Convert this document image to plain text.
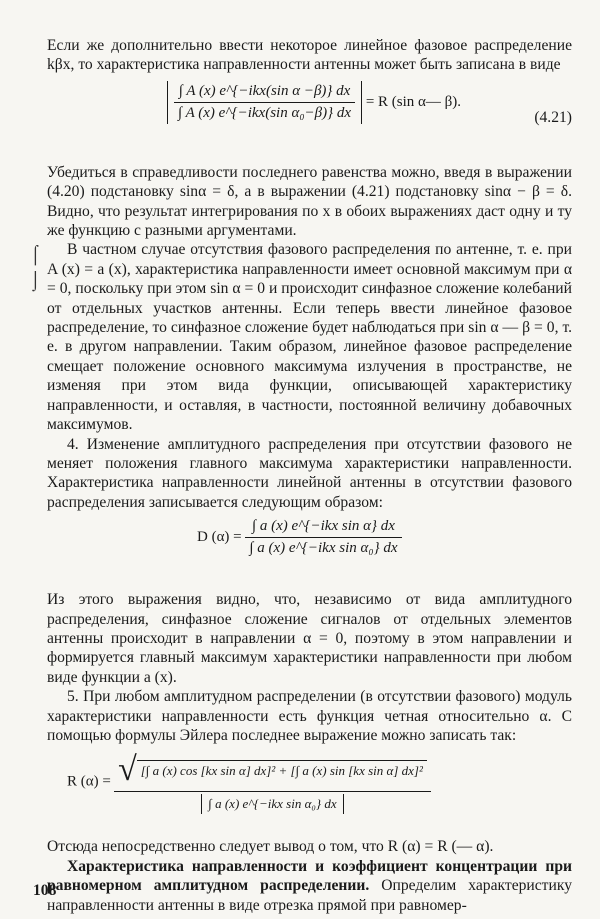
Если же дополнительно ввести некоторое линейное фазовое распределение kβx, то характеристика направленности антенны может быть записана в виде

$\frac{\text{∫ A (x) e\textasciicircum{}\{−ikx(sin α −β)\} dx}}{\text{∫ A (x) e\textasciicircum{}\{−ikx(sin α₀−β)\} dx}} = R$ (sin α— β).
(4.21)

Убедиться в справедливости последнего равенства можно, введя в выражении (4.20) подстановку sinα = δ, а в выражении (4.21) подстановку sinα − β = δ. Видно, что результат интегрирования по x в обоих выражениях даст одну и ту же функцию с разными аргументами.

В частном случае отсутствия фазового распределения по антенне, т. е. при A (x) = a (x), характеристика направленности имеет основной максимум при α = 0, поскольку при этом sin α = 0 и происходит синфазное сложение колебаний от отдельных участков антенны. Если теперь ввести линейное фазовое распределение, то синфазное сложение будет наблюдаться при sin α — β = 0, т. е. в другом направлении. Таким образом, линейное фазовое распределение смещает положение основного максимума излучения в пространстве, не изменяя при этом вида функции, описывающей характеристику направленности, и оставляя, в частности, постоянной величину добавочных максимумов.

4. Изменение амплитудного распределения при отсутствии фазового не меняет положения главного максимума характеристики направленности. Характеристика направленности линейной антенны в отсутствии фазового распределения записывается следующим образом:

D $(\alpha) = \frac{\text{∫ a (x) e\textasciicircum{}\{−ikx sin α\} dx}}{\text{∫ a (x) e\textasciicircum{}\{−ikx sin α₀\} dx}}$

Из этого выражения видно, что, независимо от вида амплитудного распределения, синфазное сложение сигналов от отдельных элементов антенны происходит в направлении α = 0, поэтому в этом направлении и формируется главный максимум характеристики направленности при любом виде функции a (x).

5. При любом амплитудном распределении (в отсутствии фазового) модуль характеристики направленности есть функция четная относительно α. С помощью формулы Эйлера последнее выражение можно записать так:

R $(\alpha) = \frac{\text{√ [∫ a (x) cos [kx sin α] dx]² + [∫ a (x) sin [kx sin α] dx]²}}{\text{∫ a (x) e\textasciicircum{}\{−ikx sin α₀\} dx}}$

Отсюда непосредственно следует вывод о том, что R (α) = R (— α).

Характеристика направленности и коэффициент концентрации при равномерном амплитудном распределении. Определим характеристику направленности антенны в виде отрезка прямой при равномер-

⌠
⌡
108
